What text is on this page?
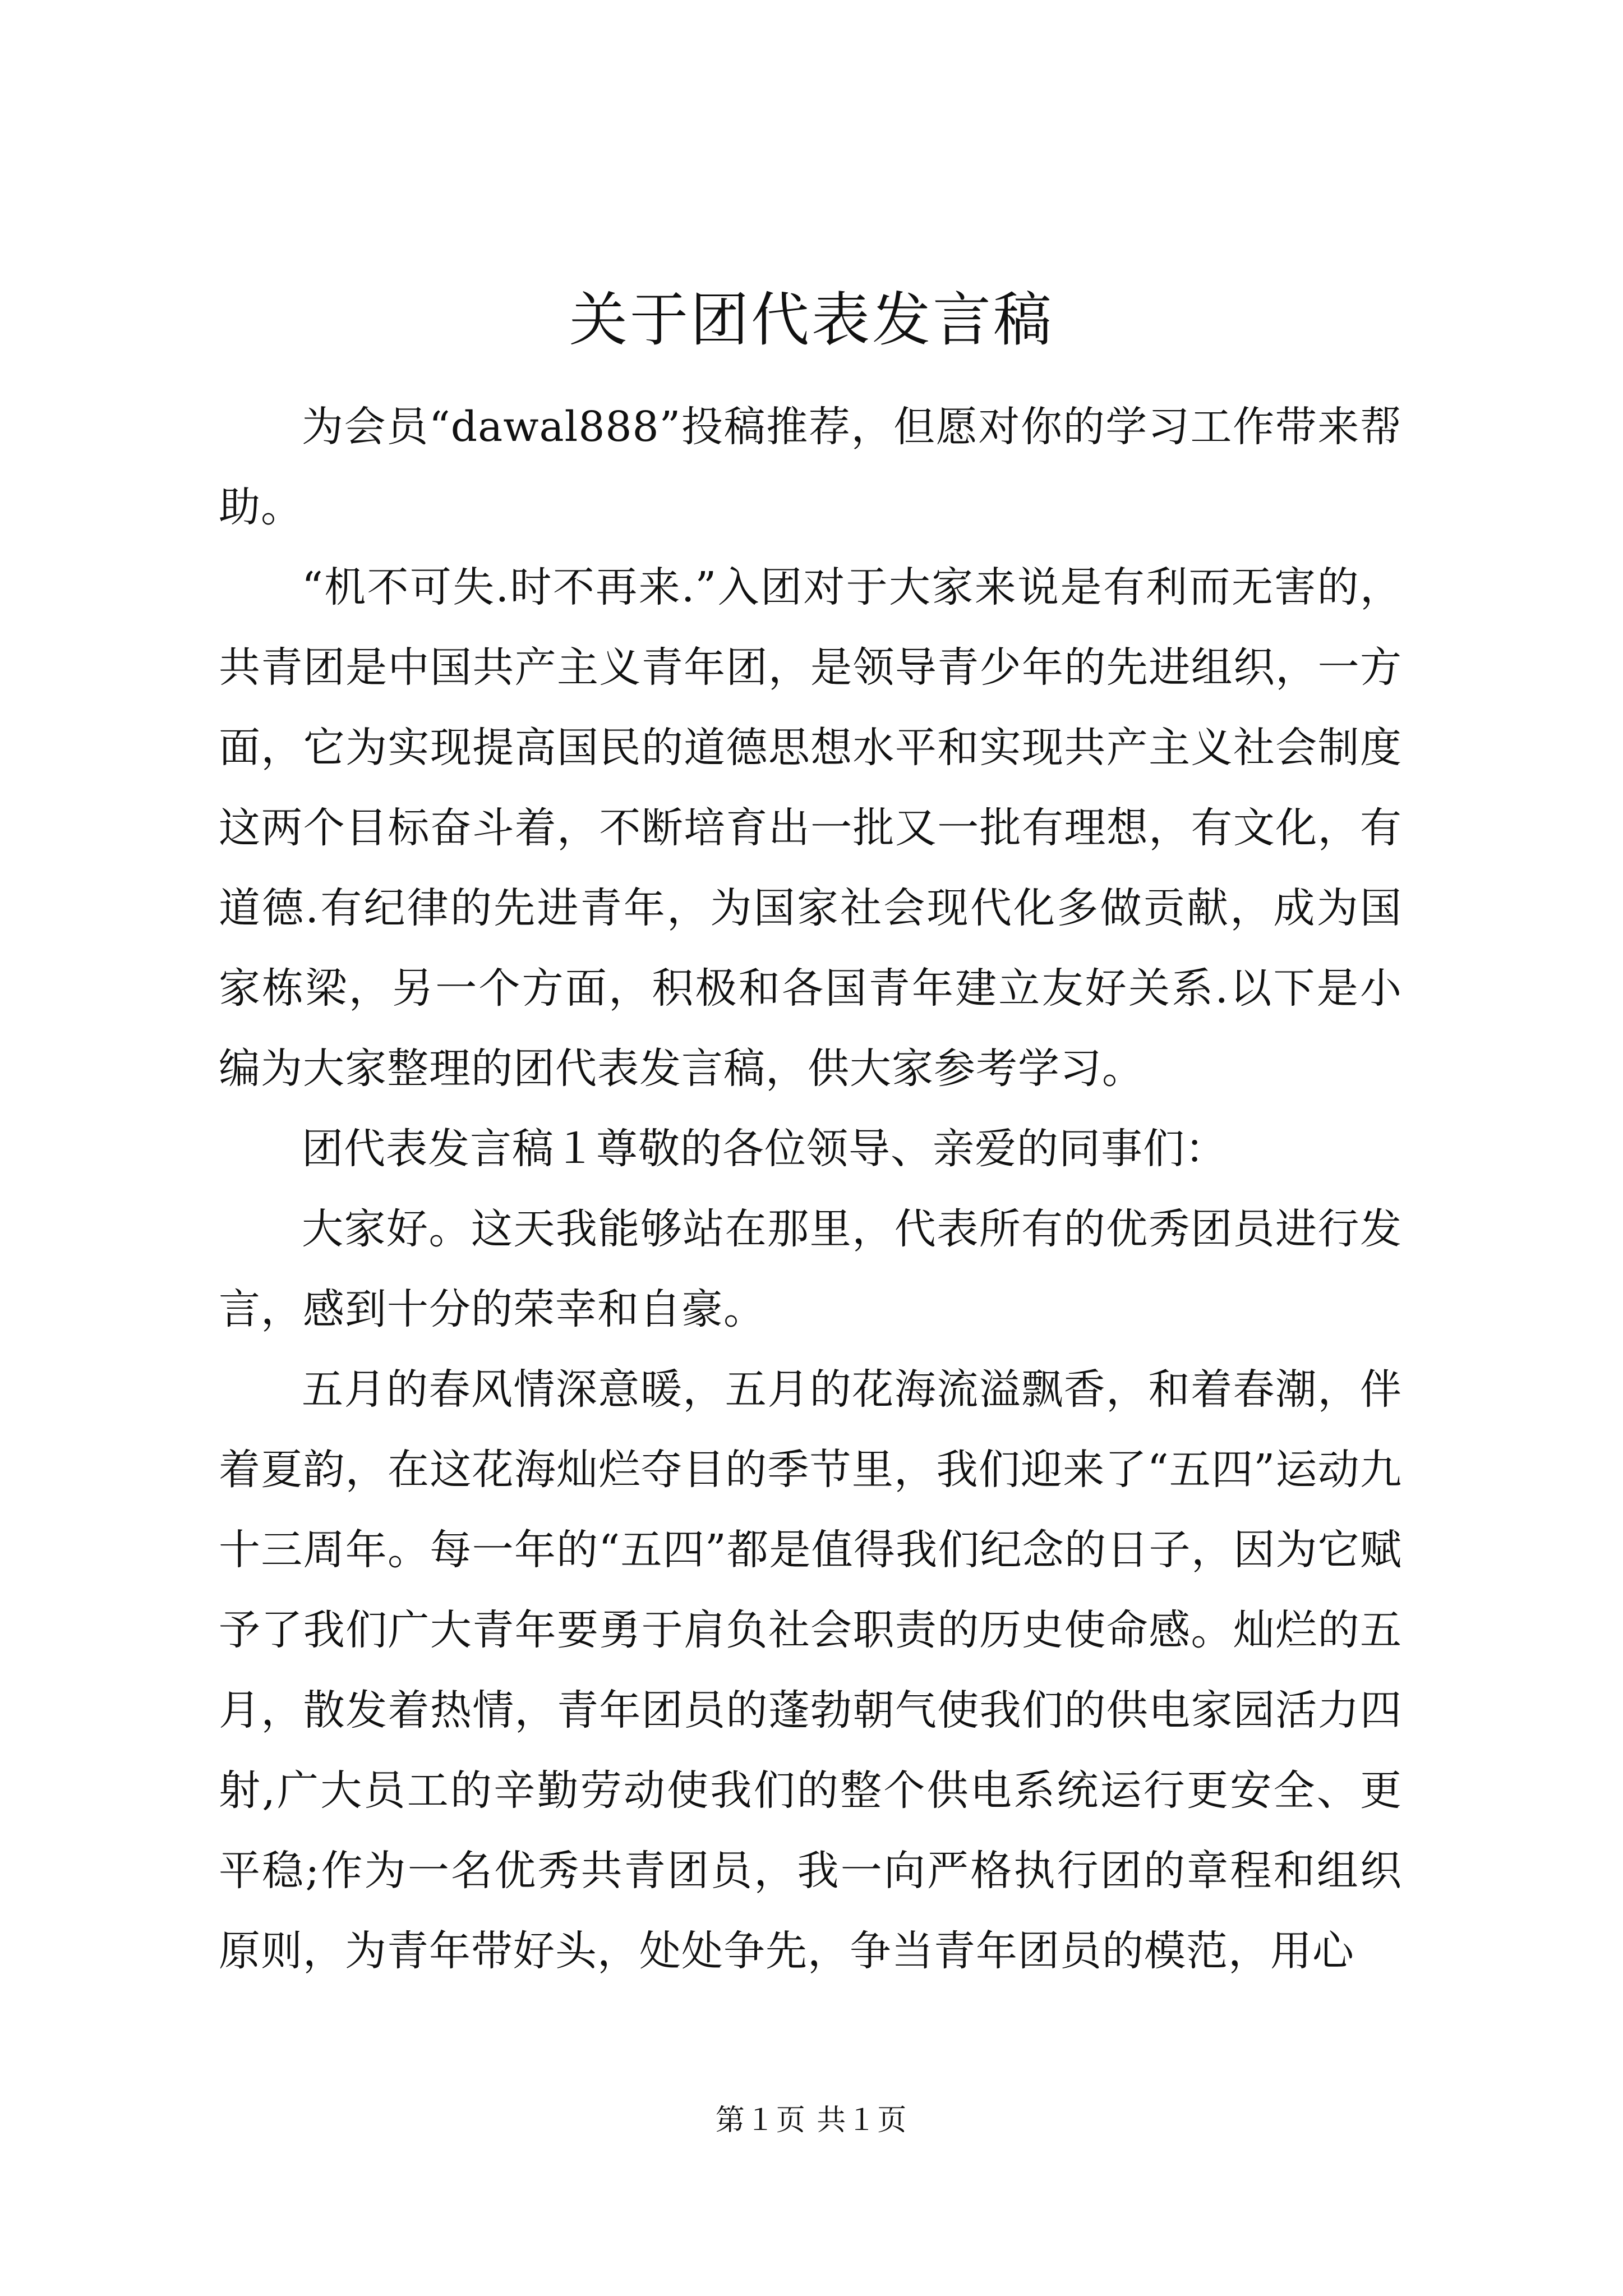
关于团代表发言稿

为会员“dawal888”投稿推荐，但愿对你的学习工作带来帮助。

“机不可失.时不再来.”入团对于大家来说是有利而无害的，共青团是中国共产主义青年团，是领导青少年的先进组织，一方面，它为实现提高国民的道德思想水平和实现共产主义社会制度这两个目标奋斗着，不断培育出一批又一批有理想，有文化，有道德.有纪律的先进青年，为国家社会现代化多做贡献，成为国家栋梁，另一个方面，积极和各国青年建立友好关系.以下是小编为大家整理的团代表发言稿，供大家参考学习。

团代表发言稿１尊敬的各位领导、亲爱的同事们：

大家好。这天我能够站在那里，代表所有的优秀团员进行发言，感到十分的荣幸和自豪。

五月的春风情深意暖，五月的花海流溢飘香，和着春潮，伴着夏韵，在这花海灿烂夺目的季节里，我们迎来了“五四”运动九十三周年。每一年的“五四”都是值得我们纪念的日子，因为它赋予了我们广大青年要勇于肩负社会职责的历史使命感。灿烂的五月，散发着热情，青年团员的蓬勃朝气使我们的供电家园活力四射,广大员工的辛勤劳动使我们的整个供电系统运行更安全、更平稳;作为一名优秀共青团员，我一向严格执行团的章程和组织原则，为青年带好头，处处争先，争当青年团员的模范，用心

第１页 共１页
